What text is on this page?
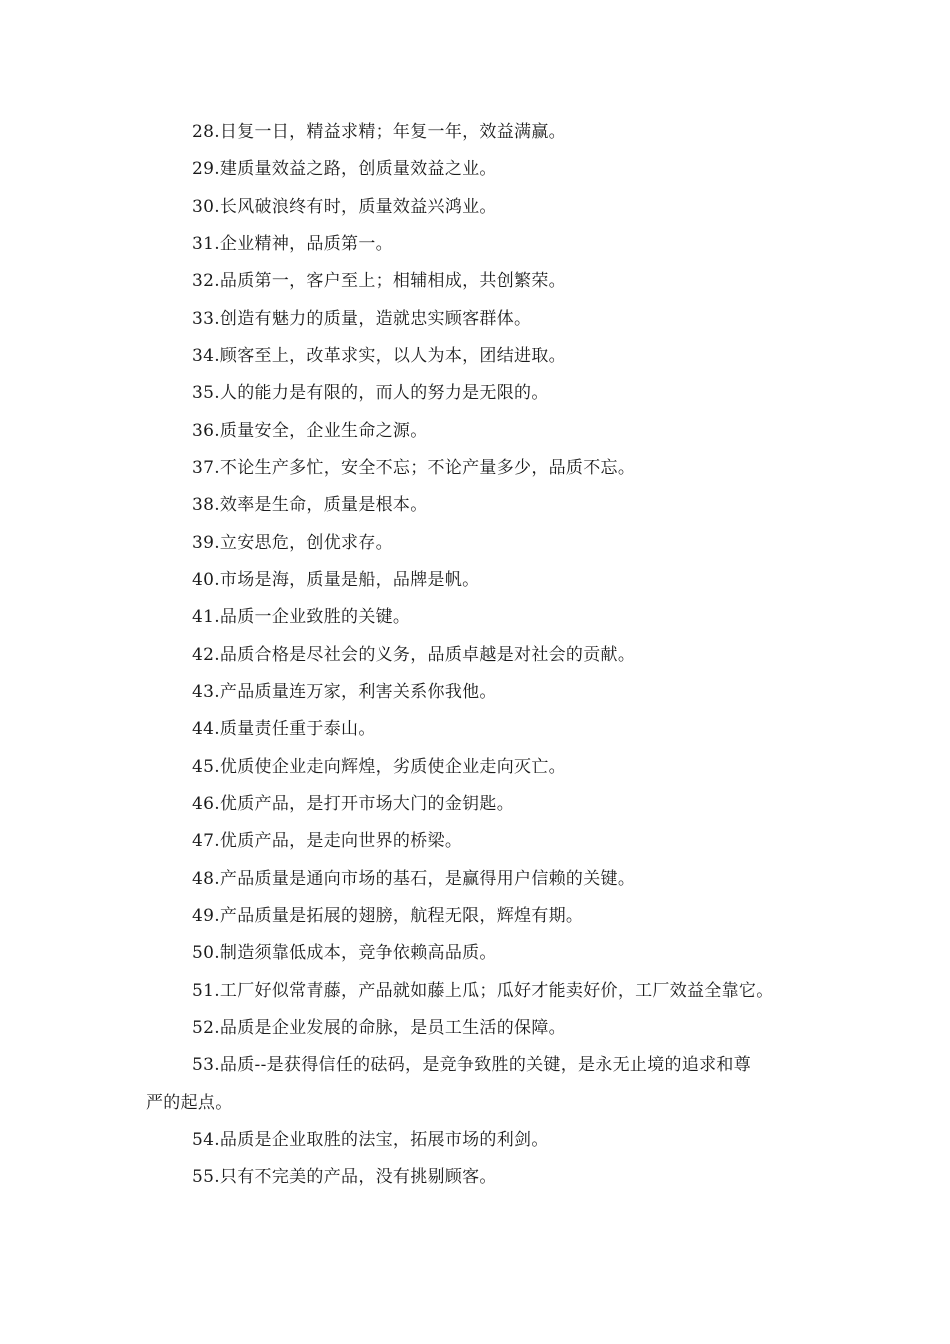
28.日复一日，精益求精；年复一年，效益满赢。
29.建质量效益之路，创质量效益之业。
30.长风破浪终有时，质量效益兴鸿业。
31.企业精神，品质第一。
32.品质第一，客户至上；相辅相成，共创繁荣。
33.创造有魅力的质量，造就忠实顾客群体。
34.顾客至上，改革求实，以人为本，团结进取。
35.人的能力是有限的，而人的努力是无限的。
36.质量安全，企业生命之源。
37.不论生产多忙，安全不忘；不论产量多少，品质不忘。
38.效率是生命，质量是根本。
39.立安思危，创优求存。
40.市场是海，质量是船，品牌是帆。
41.品质一企业致胜的关键。
42.品质合格是尽社会的义务，品质卓越是对社会的贡献。
43.产品质量连万家，利害关系你我他。
44.质量责任重于泰山。
45.优质使企业走向辉煌，劣质使企业走向灭亡。
46.优质产品，是打开市场大门的金钥匙。
47.优质产品，是走向世界的桥梁。
48.产品质量是通向市场的基石，是赢得用户信赖的关键。
49.产品质量是拓展的翅膀，航程无限，辉煌有期。
50.制造须靠低成本，竞争依赖高品质。
51.工厂好似常青藤，产品就如藤上瓜；瓜好才能卖好价，工厂效益全靠它。
52.品质是企业发展的命脉，是员工生活的保障。
53.品质--是获得信任的砝码，是竞争致胜的关键，是永无止境的追求和尊
严的起点。
54.品质是企业取胜的法宝，拓展市场的利剑。
55.只有不完美的产品，没有挑剔顾客。
